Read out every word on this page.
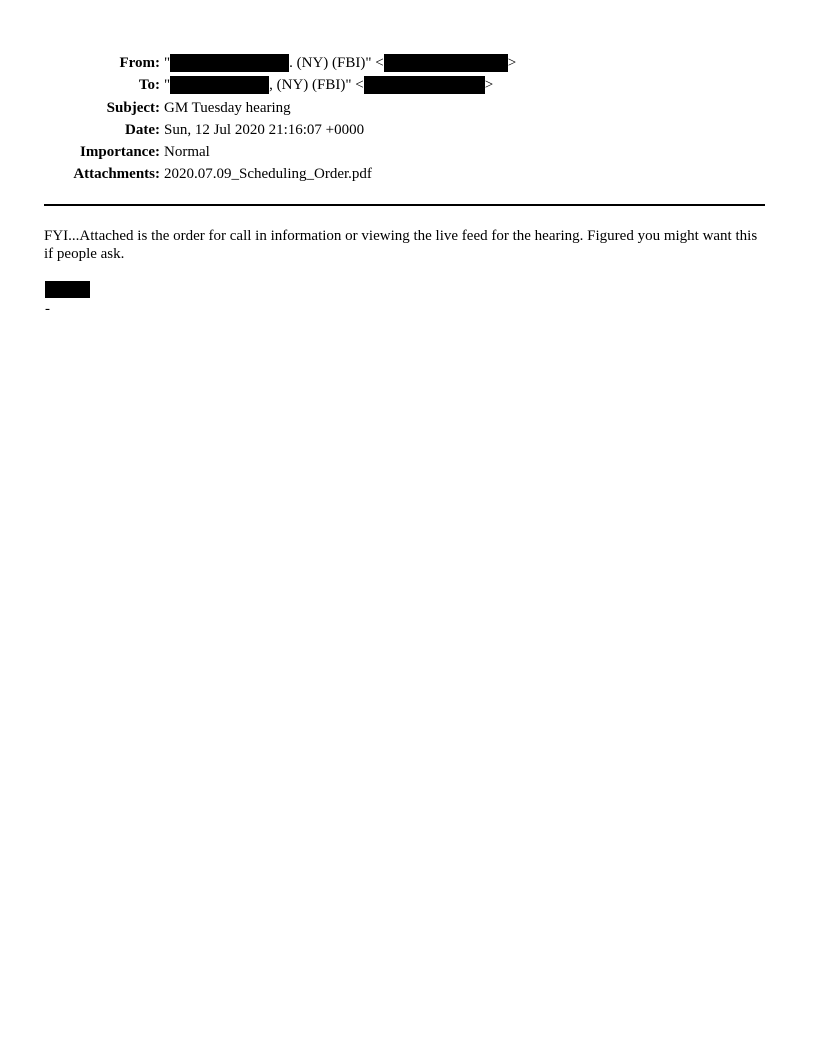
From: "	. (NY) (FBI)" <	>
To: "	, (NY) (FBI)" <	>
Subject: GM Tuesday hearing
Date: Sun, 12 Jul 2020 21:16:07 +0000
Importance: Normal
Attachments: 2020.07.09_Scheduling_Order.pdf
FYI...Attached is the order for call in information or viewing the live feed for the hearing. Figured you might want this if people ask.
-
